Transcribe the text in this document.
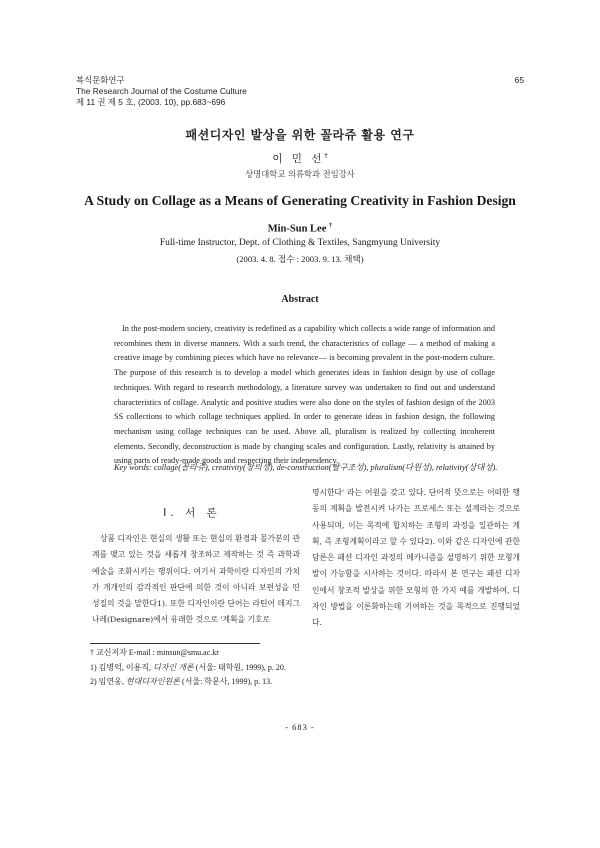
복식문화연구
The Research Journal of the Costume Culture
제 11 권 제 5 호, (2003. 10), pp.683~696
65
패션디자인 발상을 위한 꼴라쥬 활용 연구
이 민 선†
상명대학교 의류학과 전임강사
A Study on Collage as a Means of Generating Creativity in Fashion Design
Min-Sun Lee †
Full-time Instructor, Dept. of Clothing & Textiles, Sangmyung University
(2003. 4. 8. 접수 : 2003. 9. 13. 채택)
Abstract

In the post-modern society, creativity is redefined as a capability which collects a wide range of information and recombines them in diverse manners. With a such trend, the characteristics of collage — a method of making a creative image by combining pieces which have no relevance— is becoming prevalent in the post-modern culture. The purpose of this research is to develop a model which generates ideas in fashion design by use of collage techniques. With regard to research methodology, a literature survey was undertaken to find out and understand characteristics of collage. Analytic and positive studies were also done on the styles of fashion design of the 2003 SS collections to which collage techniques applied. In order to generate ideas in fashion design, the following mechanism using collage techniques can be used. Above all, pluralism is realized by collecting incoherent elements. Secondly, deconstruction is made by changing scales and configuration. Lastly, relativity is attained by using parts of ready-made goods and respecting their independency.

Key words: collage(꼴라쥬), creativity(창의성), de-construction(탈구조성), pluralism(다원성), relativity(상대성).
Ⅰ. 서 론

상품 디자인은 현실의 생활 또는 현실의 환경과 몰가분의 관계를 맺고 있는 것을 새롭게 창조하고 제작하는 것 즉 과학과 예술을 조화시키는 행위이다. 여기서 과학이란 디자인의 가치가 개개인의 감각적인 판단에 의한 것이 아니라 보편성을 띤 성질의 것을 말한다1). 또한 디자인이란 단어는 라틴어 데지그나레(Designare)에서 유래한 것으로 '계획을 기호로

명시한다' 라는 어원을 갖고 있다. 단어적 뜻으로는 어떠한 행동의 계획을 발전시켜 나가는 프로세스 또는 설계라는 것으로 사용되며, 이는 목적에 합치하는 조형의 과정을 일관하는 계획, 즉 조형계획이라고 할 수 있다2). 이와 같은 디자인에 관한 담론은 패션 디자인 과정의 메카니즘을 설명하기 위한 모형개발이 가능함을 시사하는 것이다. 따라서 본 연구는 패션 디자인에서 창조적 발상을 위한 모형의 한 가지 예를 개발하여, 디자인 방법을 이론화하는데 기여하는 것을 목적으로 진행되었다.

† 교신저자 E-mail : minsun@smu.ac.kr
1) 김병억, 이용직, 디자인 개론 (서울: 태학원, 1999), p. 20.
2) 임연웅, 현대디자인원론 (서울: 학문사, 1999), p. 13.
- 683 -
